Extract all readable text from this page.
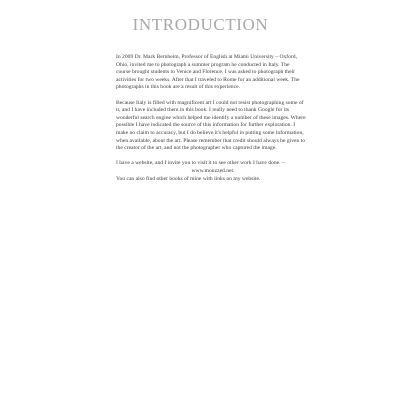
INTRODUCTION

In 2009 Dr. Mark Bernheim, Professor of English at Miami University – Oxford,
Ohio, invited me to photograph a summer program he conducted in Italy. The
course brought students to Venice and Florence. I was asked to photograph their
activities for two weeks. After that I traveled to Rome for an additional week. The
photographs in this book are a result of this experience.

Because Italy is filled with magnificent art I could not resist photographing some of
it, and I have included them in this book. I really need to thank Google for its
wonderful search engine which helped me identify a number of these images. Where
possible I have indicated the source of this information for further exploration. I
make no claim to accuracy, but I do believe it's helpful in putting some information,
when available, about the art. Please remember that credit should always be given to
the creator of the art, and not the photographer who captured the image.

I have a website, and I invite you to visit it to see other work I have done. –
www.mouzzed.net.
You can also find other books of mine with links on my website.
